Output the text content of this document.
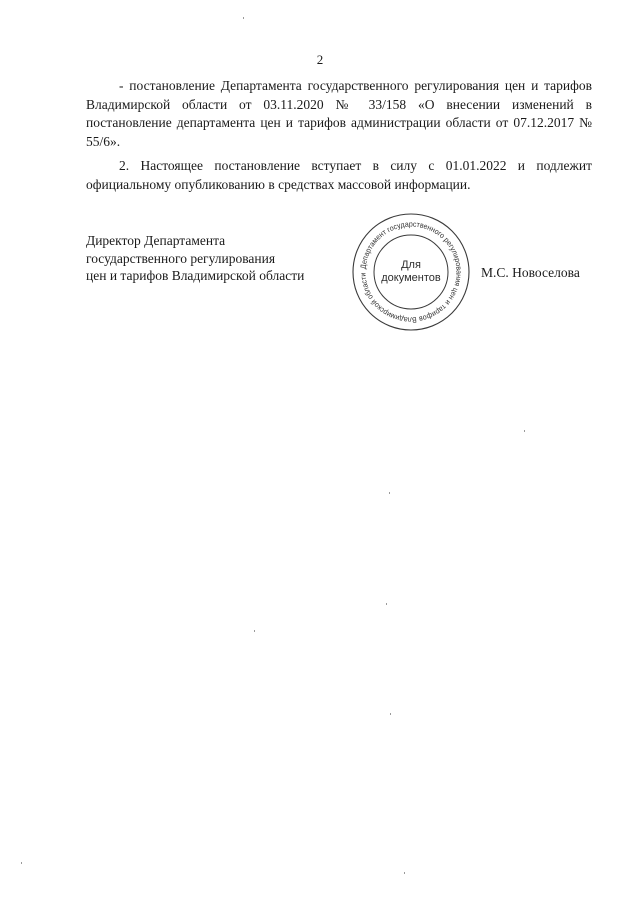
2

- постановление Департамента государственного регулирования цен и тарифов Владимирской области от 03.11.2020 № 33/158 «О внесении изменений в постановление департамента цен и тарифов администрации области от 07.12.2017 № 55/6».

2. Настоящее постановление вступает в силу с 01.01.2022 и подлежит официальному опубликованию в средствах массовой информации.

Директор Департамента
государственного регулирования
цен и тарифов Владимирской области
Департамент государственного регулирования цен и тарифов Владимирской области
Для
документов	М.С. Новоселова
